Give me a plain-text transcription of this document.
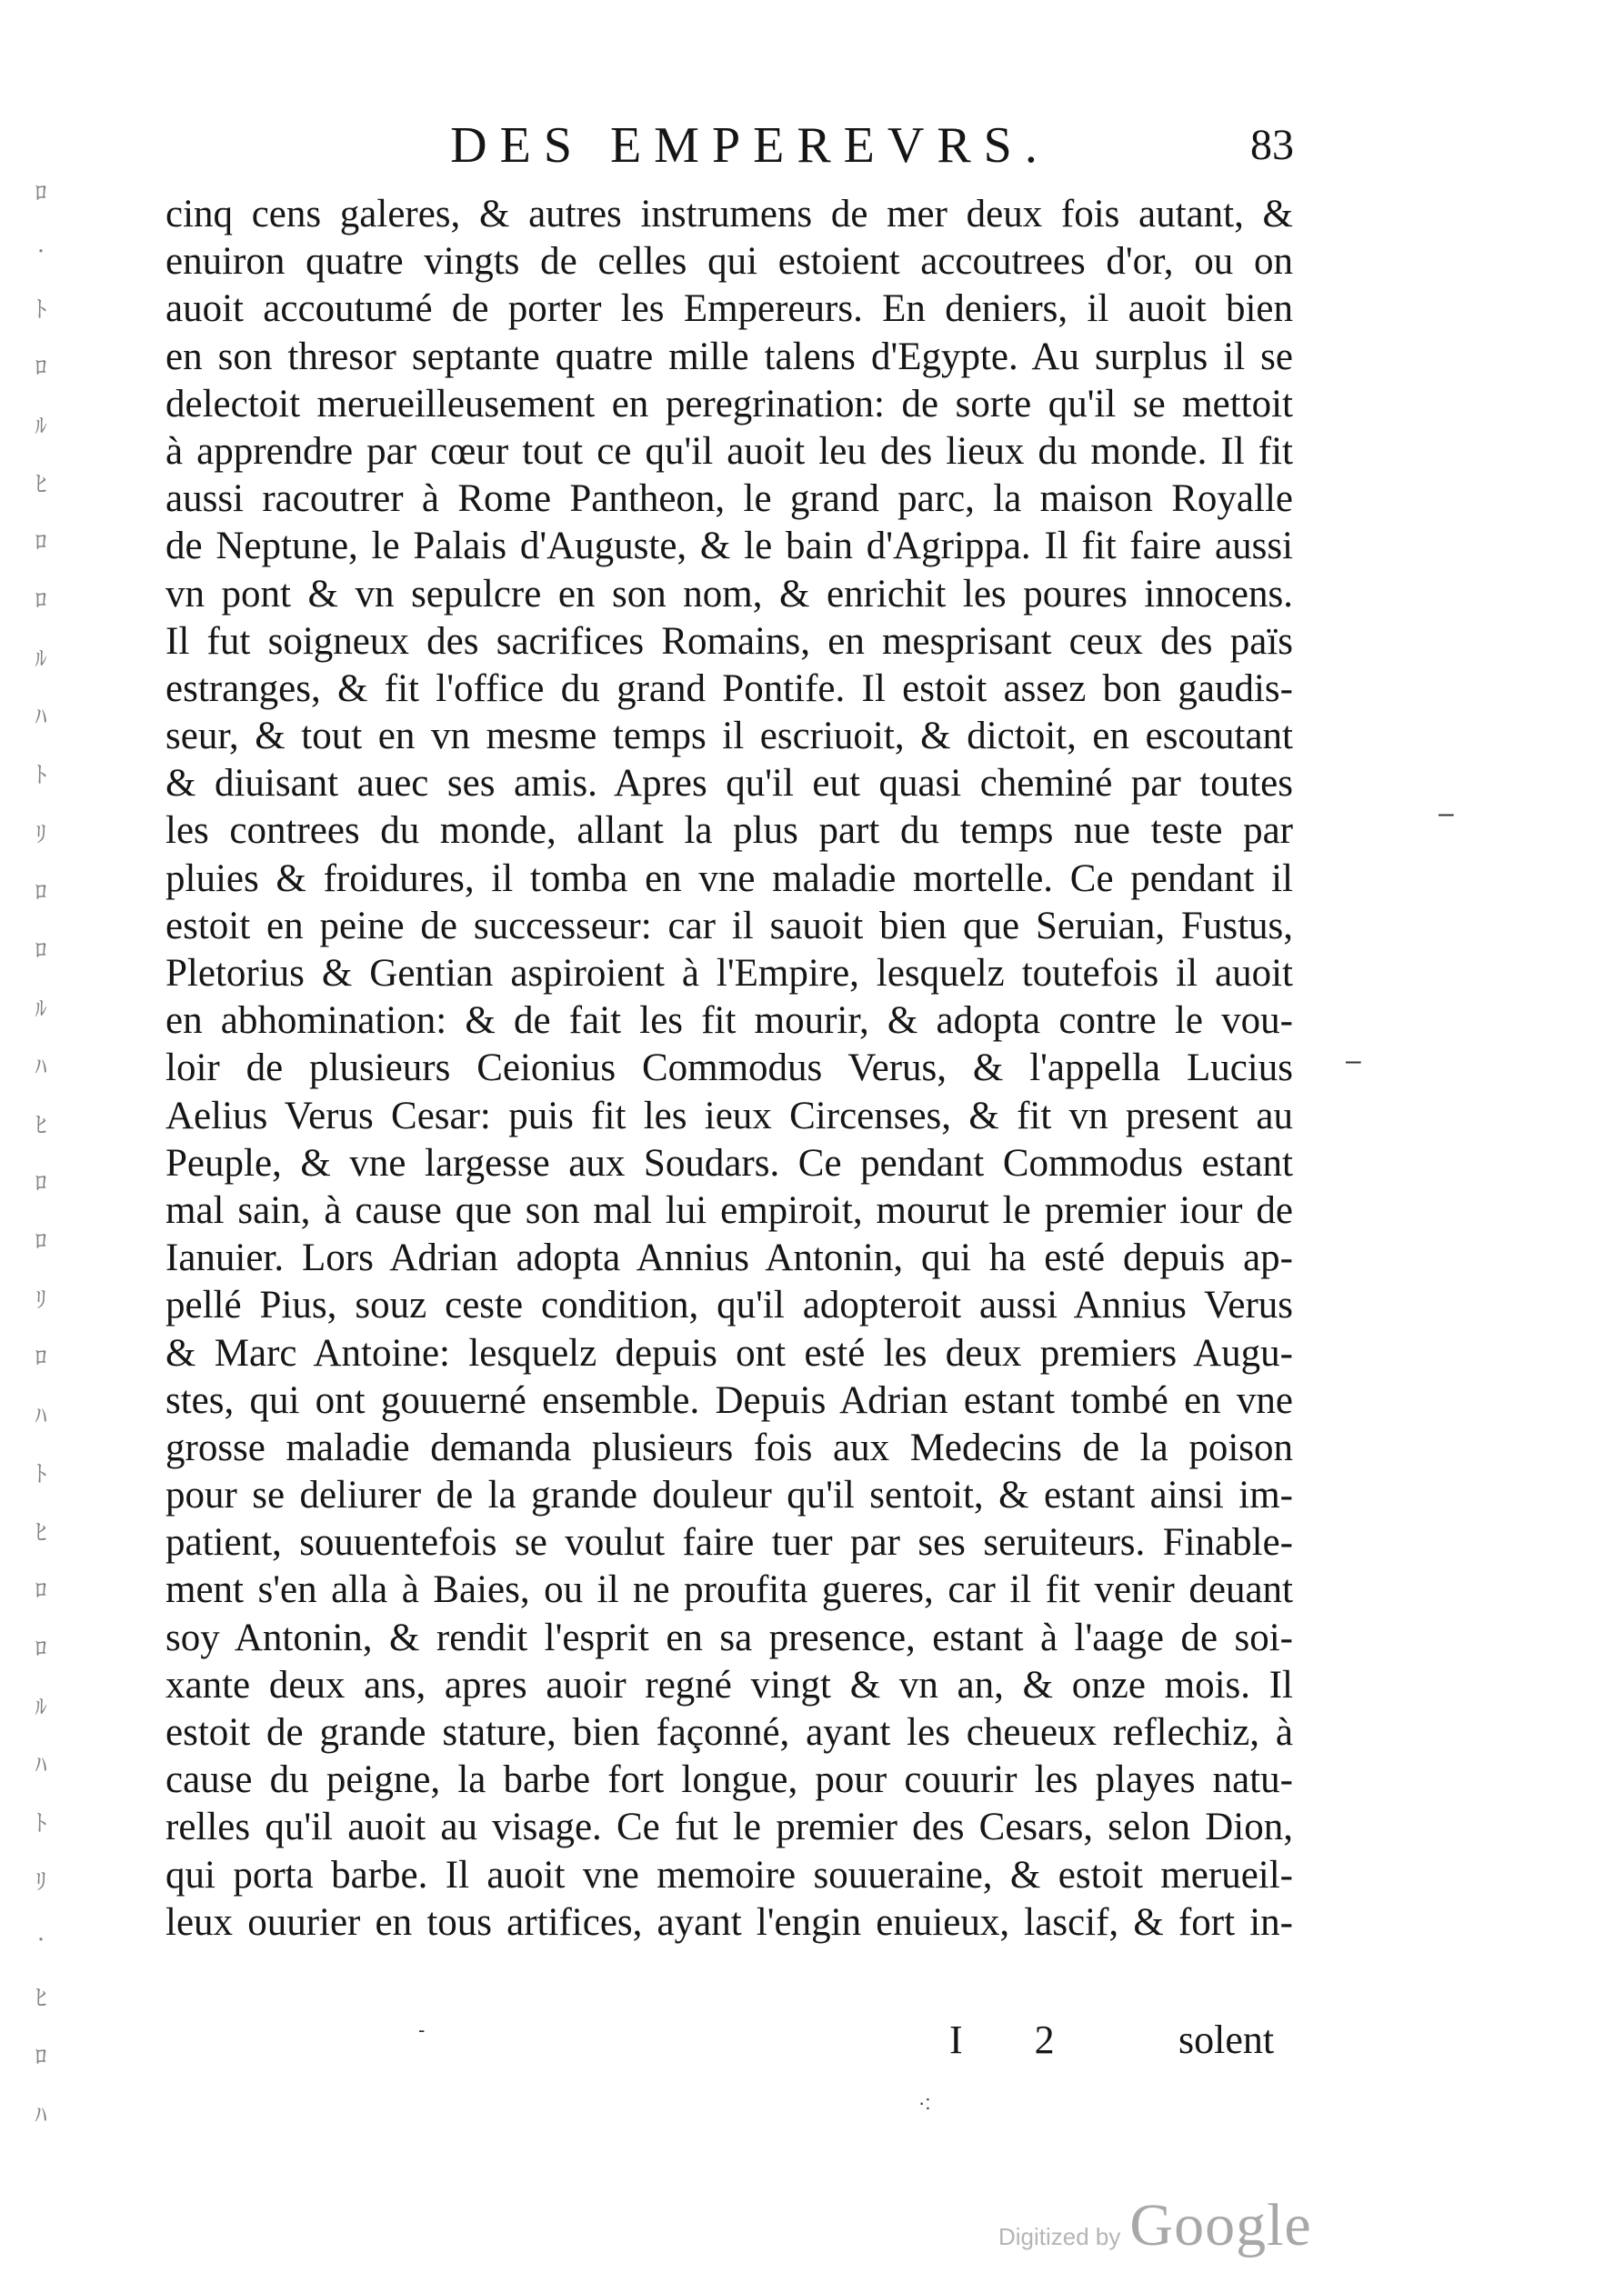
ﾛ
·
ﾄ
ﾛ
ﾙ
ﾋ
ﾛ
ﾛ
ﾙ
ﾊ
ﾄ
ﾘ
ﾛ
ﾛ
ﾙ
ﾊ
ﾋ
ﾛ
ﾛ
ﾘ
ﾛ
ﾊ
ﾄ
ﾋ
ﾛ
ﾛ
ﾙ
ﾊ
ﾄ
ﾘ
·
ﾋ
ﾛ
ﾊ
DES EMPEREVRS.	83
cinq cens galeres, & autres instrumens de mer deux fois autant, &
enuiron quatre vingts de celles qui estoient accoutrees d'or, ou on
auoit accoutumé de porter les Empereurs. En deniers, il auoit bien
en son thresor septante quatre mille talens d'Egypte. Au surplus il se
delectoit merueilleusement en peregrination: de sorte qu'il se mettoit
à apprendre par cœur tout ce qu'il auoit leu des lieux du monde. Il fit
aussi racoutrer à Rome Pantheon, le grand parc, la maison Royalle
de Neptune, le Palais d'Auguste, & le bain d'Agrippa. Il fit faire aussi
vn pont & vn sepulcre en son nom, & enrichit les poures innocens.
Il fut soigneux des sacrifices Romains, en mesprisant ceux des païs
estranges, & fit l'office du grand Pontife. Il estoit assez bon gaudis-
seur, & tout en vn mesme temps il escriuoit, & dictoit, en escoutant
& diuisant auec ses amis. Apres qu'il eut quasi cheminé par toutes
les contrees du monde, allant la plus part du temps nue teste par
pluies & froidures, il tomba en vne maladie mortelle. Ce pendant il
estoit en peine de successeur: car il sauoit bien que Seruian, Fustus,
Pletorius & Gentian aspiroient à l'Empire, lesquelz toutefois il auoit
en abhomination: & de fait les fit mourir, & adopta contre le vou-
loir de plusieurs Ceionius Commodus Verus, & l'appella Lucius
Aelius Verus Cesar: puis fit les ieux Circenses, & fit vn present au
Peuple, & vne largesse aux Soudars. Ce pendant Commodus estant
mal sain, à cause que son mal lui empiroit, mourut le premier iour de
Ianuier. Lors Adrian adopta Annius Antonin, qui ha esté depuis ap-
pellé Pius, souz ceste condition, qu'il adopteroit aussi Annius Verus
& Marc Antoine: lesquelz depuis ont esté les deux premiers Augu-
stes, qui ont gouuerné ensemble. Depuis Adrian estant tombé en vne
grosse maladie demanda plusieurs fois aux Medecins de la poison
pour se deliurer de la grande douleur qu'il sentoit, & estant ainsi im-
patient, souuentefois se voulut faire tuer par ses seruiteurs. Finable-
ment s'en alla à Baies, ou il ne proufita gueres, car il fit venir deuant
soy Antonin, & rendit l'esprit en sa presence, estant à l'aage de soi-
xante deux ans, apres auoir regné vingt & vn an, & onze mois. Il
estoit de grande stature, bien façonné, ayant les cheueux reflechiz, à
cause du peigne, la barbe fort longue, pour couurir les playes natu-
relles qu'il auoit au visage. Ce fut le premier des Cesars, selon Dion,
qui porta barbe. Il auoit vne memoire souueraine, & estoit merueil-
leux ouurier en tous artifices, ayant l'engin enuieux, lascif, & fort in-
‒
‒
-
·:
I 2 solent
Digitized by Google
